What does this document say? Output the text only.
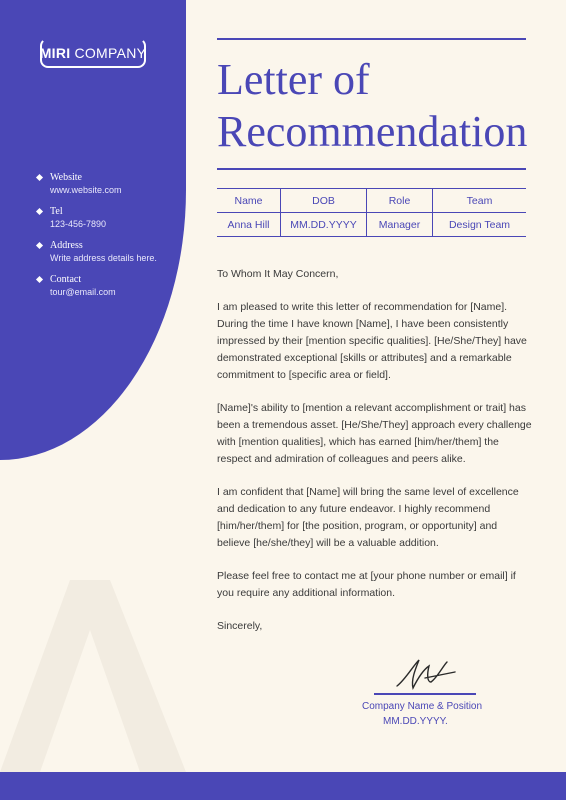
MIRI COMPANY
Website
www.website.com
Tel
123-456-7890
Address
Write address details here.
Contact
tour@email.com
Letter of
Recommendation
Name	DOB	Role	Team
Anna Hill	MM.DD.YYYY	Manager	Design Team

To Whom It May Concern,

I am pleased to write this letter of recommendation for [Name]. During the time I have known [Name], I have been consistently impressed by their [mention specific qualities]. [He/She/They] have demonstrated exceptional [skills or attributes] and a remarkable commitment to [specific area or field].

[Name]'s ability to [mention a relevant accomplishment or trait] has been a tremendous asset. [He/She/They] approach every challenge with [mention qualities], which has earned [him/her/them] the respect and admiration of colleagues and peers alike.

I am confident that [Name] will bring the same level of excellence and dedication to any future endeavor. I highly recommend [him/her/them] for [the position, program, or opportunity] and believe [he/she/they] will be a valuable addition.

Please feel free to contact me at [your phone number or email] if you require any additional information.

Sincerely,

Company Name & Position
MM.DD.YYYY.
